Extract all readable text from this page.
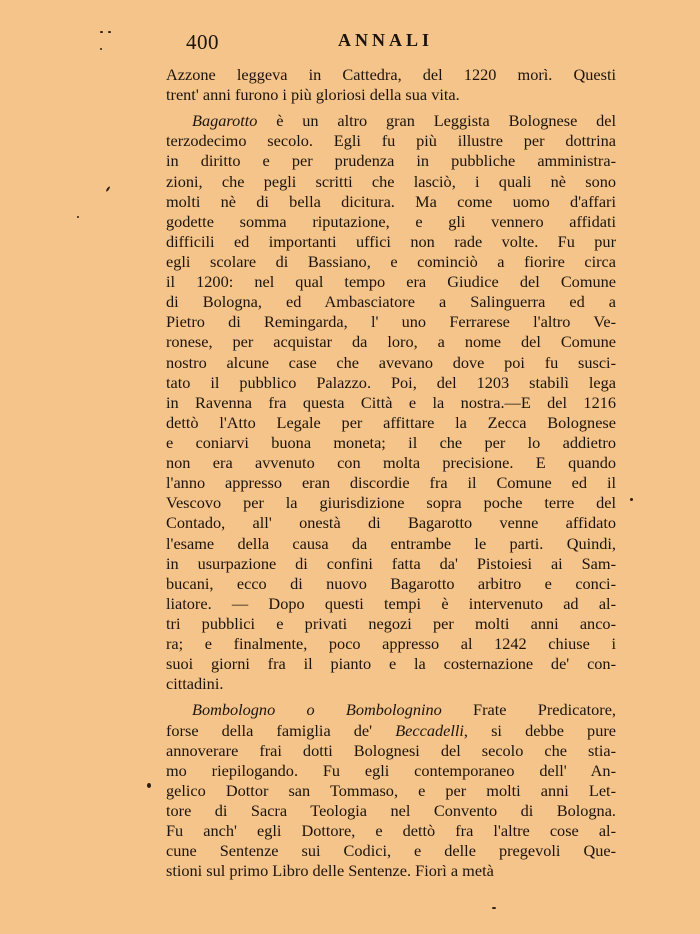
400	ANNALI
Azzone leggeva in Cattedra, del 1220 morì. Questi
trent' anni furono i più gloriosi della sua vita.
Bagarotto è un altro gran Leggista Bolognese del
terzodecimo secolo. Egli fu più illustre per dottrina
in diritto e per prudenza in pubbliche amministra-
zioni, che pegli scritti che lasciò, i quali nè sono
molti nè di bella dicitura. Ma come uomo d'affari
godette somma riputazione, e gli vennero affidati
difficili ed importanti uffici non rade volte. Fu pur
egli scolare di Bassiano, e cominciò a fiorire circa
il 1200: nel qual tempo era Giudice del Comune
di Bologna, ed Ambasciatore a Salinguerra ed a
Pietro di Remingarda, l' uno Ferrarese l'altro Ve-
ronese, per acquistar da loro, a nome del Comune
nostro alcune case che avevano dove poi fu susci-
tato il pubblico Palazzo. Poi, del 1203 stabilì lega
in Ravenna fra questa Città e la nostra.—E del 1216
dettò l'Atto Legale per affittare la Zecca Bolognese
e coniarvi buona moneta; il che per lo addietro
non era avvenuto con molta precisione. E quando
l'anno appresso eran discordie fra il Comune ed il
Vescovo per la giurisdizione sopra poche terre del
Contado, all' onestà di Bagarotto venne affidato
l'esame della causa da entrambe le parti. Quindi,
in usurpazione di confini fatta da' Pistoiesi ai Sam-
bucani, ecco di nuovo Bagarotto arbitro e conci-
liatore. — Dopo questi tempi è intervenuto ad al-
tri pubblici e privati negozi per molti anni anco-
ra; e finalmente, poco appresso al 1242 chiuse i
suoi giorni fra il pianto e la costernazione de' con-
cittadini.
Bombologno o Bombolognino Frate Predicatore,
forse della famiglia de' Beccadelli, si debbe pure
annoverare frai dotti Bolognesi del secolo che stia-
mo riepilogando. Fu egli contemporaneo dell' An-
gelico Dottor san Tommaso, e per molti anni Let-
tore di Sacra Teologia nel Convento di Bologna.
Fu anch' egli Dottore, e dettò fra l'altre cose al-
cune Sentenze sui Codici, e delle pregevoli Que-
stioni sul primo Libro delle Sentenze. Fiorì a metà
